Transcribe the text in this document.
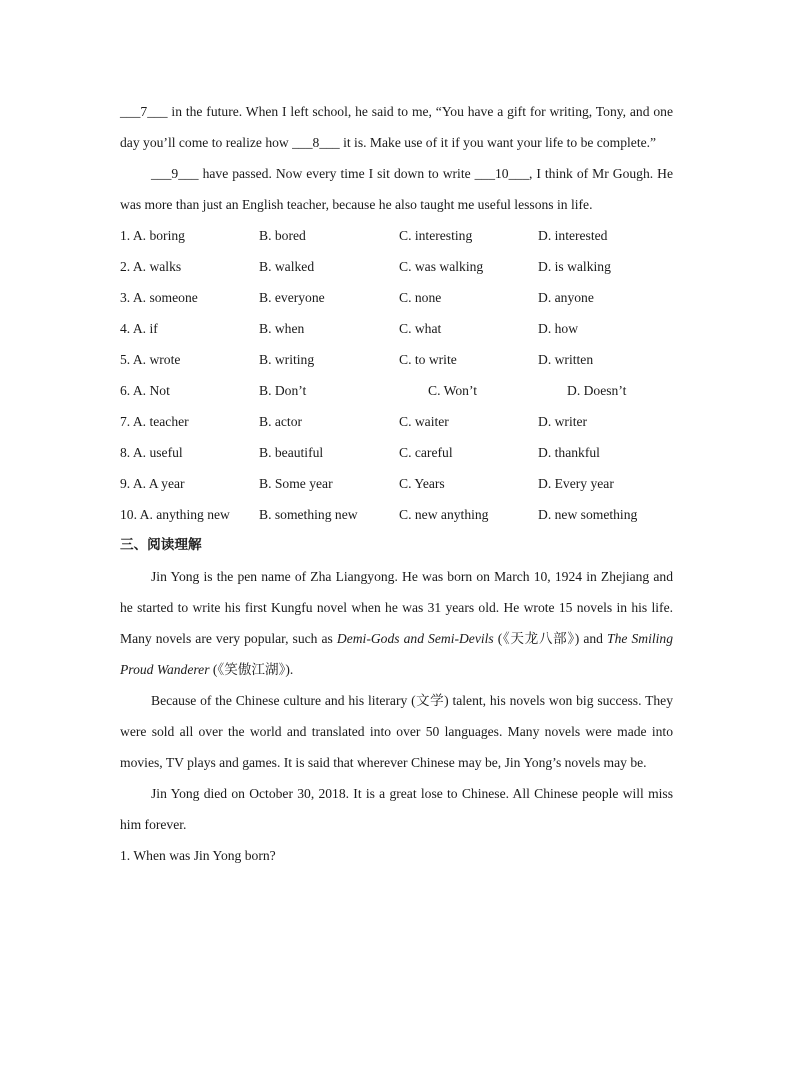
___7___ in the future. When I left school, he said to me, “You have a gift for writing, Tony, and one day you’ll come to realize how ___8___ it is. Make use of it if you want your life to be complete.”

___9___ have passed. Now every time I sit down to write ___10___, I think of Mr Gough. He was more than just an English teacher, because he also taught me useful lessons in life.

1. A. boring	B. bored	C. interesting	D. interested
2. A. walks	B. walked	C. was walking	D. is walking
3. A. someone	B. everyone	C. none	D. anyone
4. A. if	B. when	C. what	D. how
5. A. wrote	B. writing	C. to write	D. written
6. A. Not	B. Don’t	C. Won’t	D. Doesn’t
7. A. teacher	B. actor	C. waiter	D. writer
8. A. useful	B. beautiful	C. careful	D. thankful
9. A. A year	B. Some year	C. Years	D. Every year
10. A. anything new	B. something new	C. new anything	D. new something
三、阅读理解

Jin Yong is the pen name of Zha Liangyong. He was born on March 10, 1924 in Zhejiang and he started to write his first Kungfu novel when he was 31 years old. He wrote 15 novels in his life. Many novels are very popular, such as Demi-Gods and Semi-Devils (《天龙八部》) and The Smiling Proud Wanderer (《笑傲江湖》).

Because of the Chinese culture and his literary (文学) talent, his novels won big success. They were sold all over the world and translated into over 50 languages. Many novels were made into movies, TV plays and games. It is said that wherever Chinese may be, Jin Yong’s novels may be.

Jin Yong died on October 30, 2018. It is a great lose to Chinese. All Chinese people will miss him forever.

1. When was Jin Yong born?
